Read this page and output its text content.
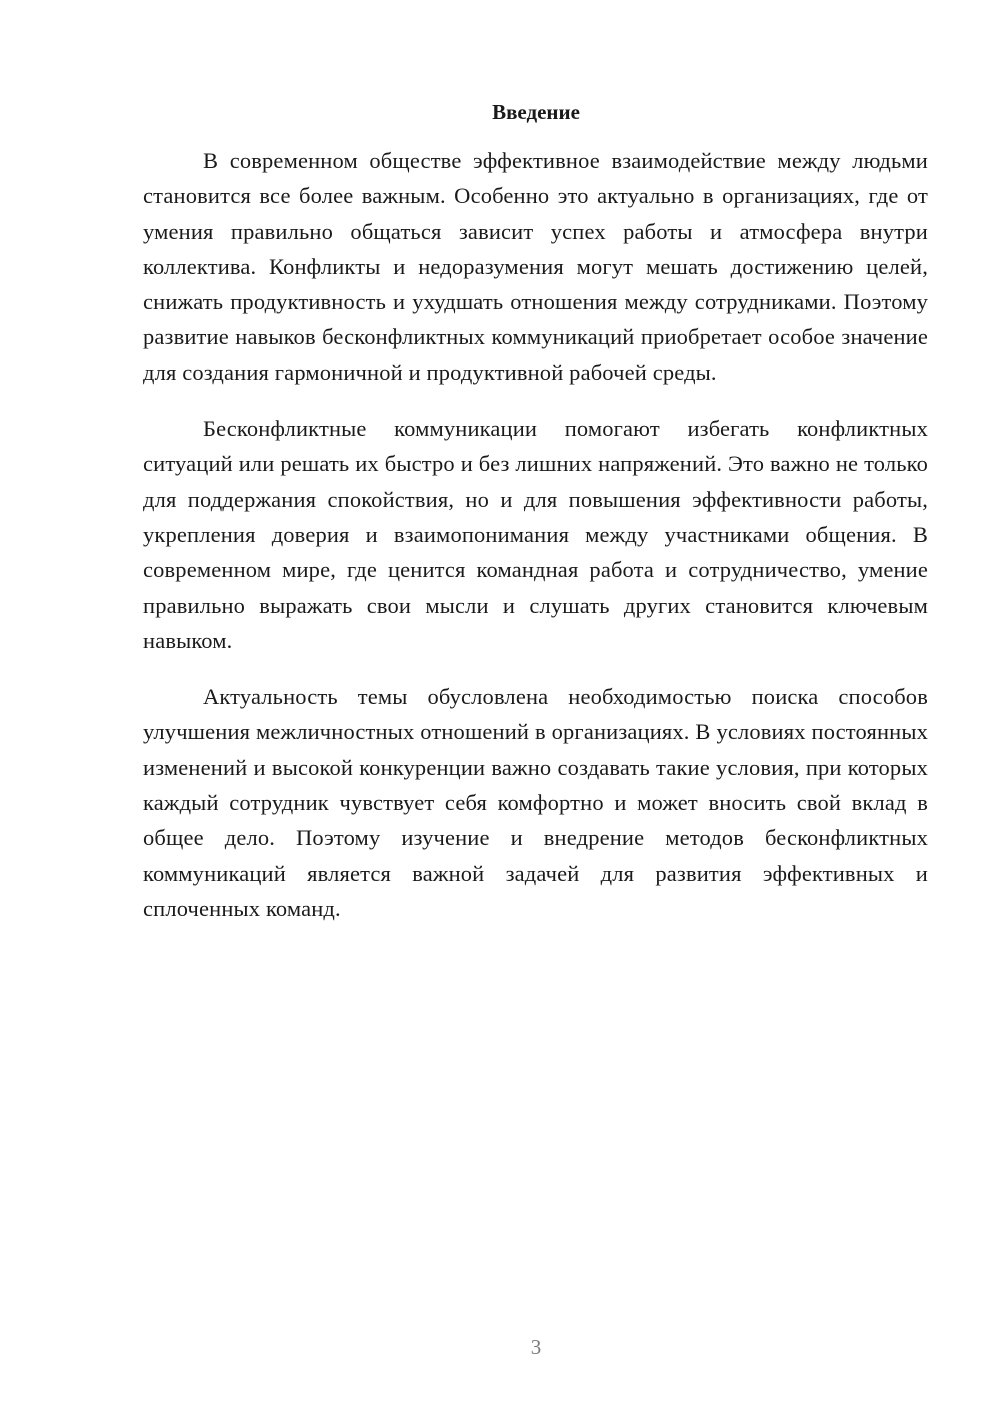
Введение

В современном обществе эффективное взаимодействие между людьми становится все более важным. Особенно это актуально в организациях, где от умения правильно общаться зависит успех работы и атмосфера внутри коллектива. Конфликты и недоразумения могут мешать достижению целей, снижать продуктивность и ухудшать отношения между сотрудниками. Поэтому развитие навыков бесконфликтных коммуникаций приобретает особое значение для создания гармоничной и продуктивной рабочей среды.

Бесконфликтные коммуникации помогают избегать конфликтных ситуаций или решать их быстро и без лишних напряжений. Это важно не только для поддержания спокойствия, но и для повышения эффективности работы, укрепления доверия и взаимопонимания между участниками общения. В современном мире, где ценится командная работа и сотрудничество, умение правильно выражать свои мысли и слушать других становится ключевым навыком.

Актуальность темы обусловлена необходимостью поиска способов улучшения межличностных отношений в организациях. В условиях постоянных изменений и высокой конкуренции важно создавать такие условия, при которых каждый сотрудник чувствует себя комфортно и может вносить свой вклад в общее дело. Поэтому изучение и внедрение методов бесконфликтных коммуникаций является важной задачей для развития эффективных и сплоченных команд.

3
